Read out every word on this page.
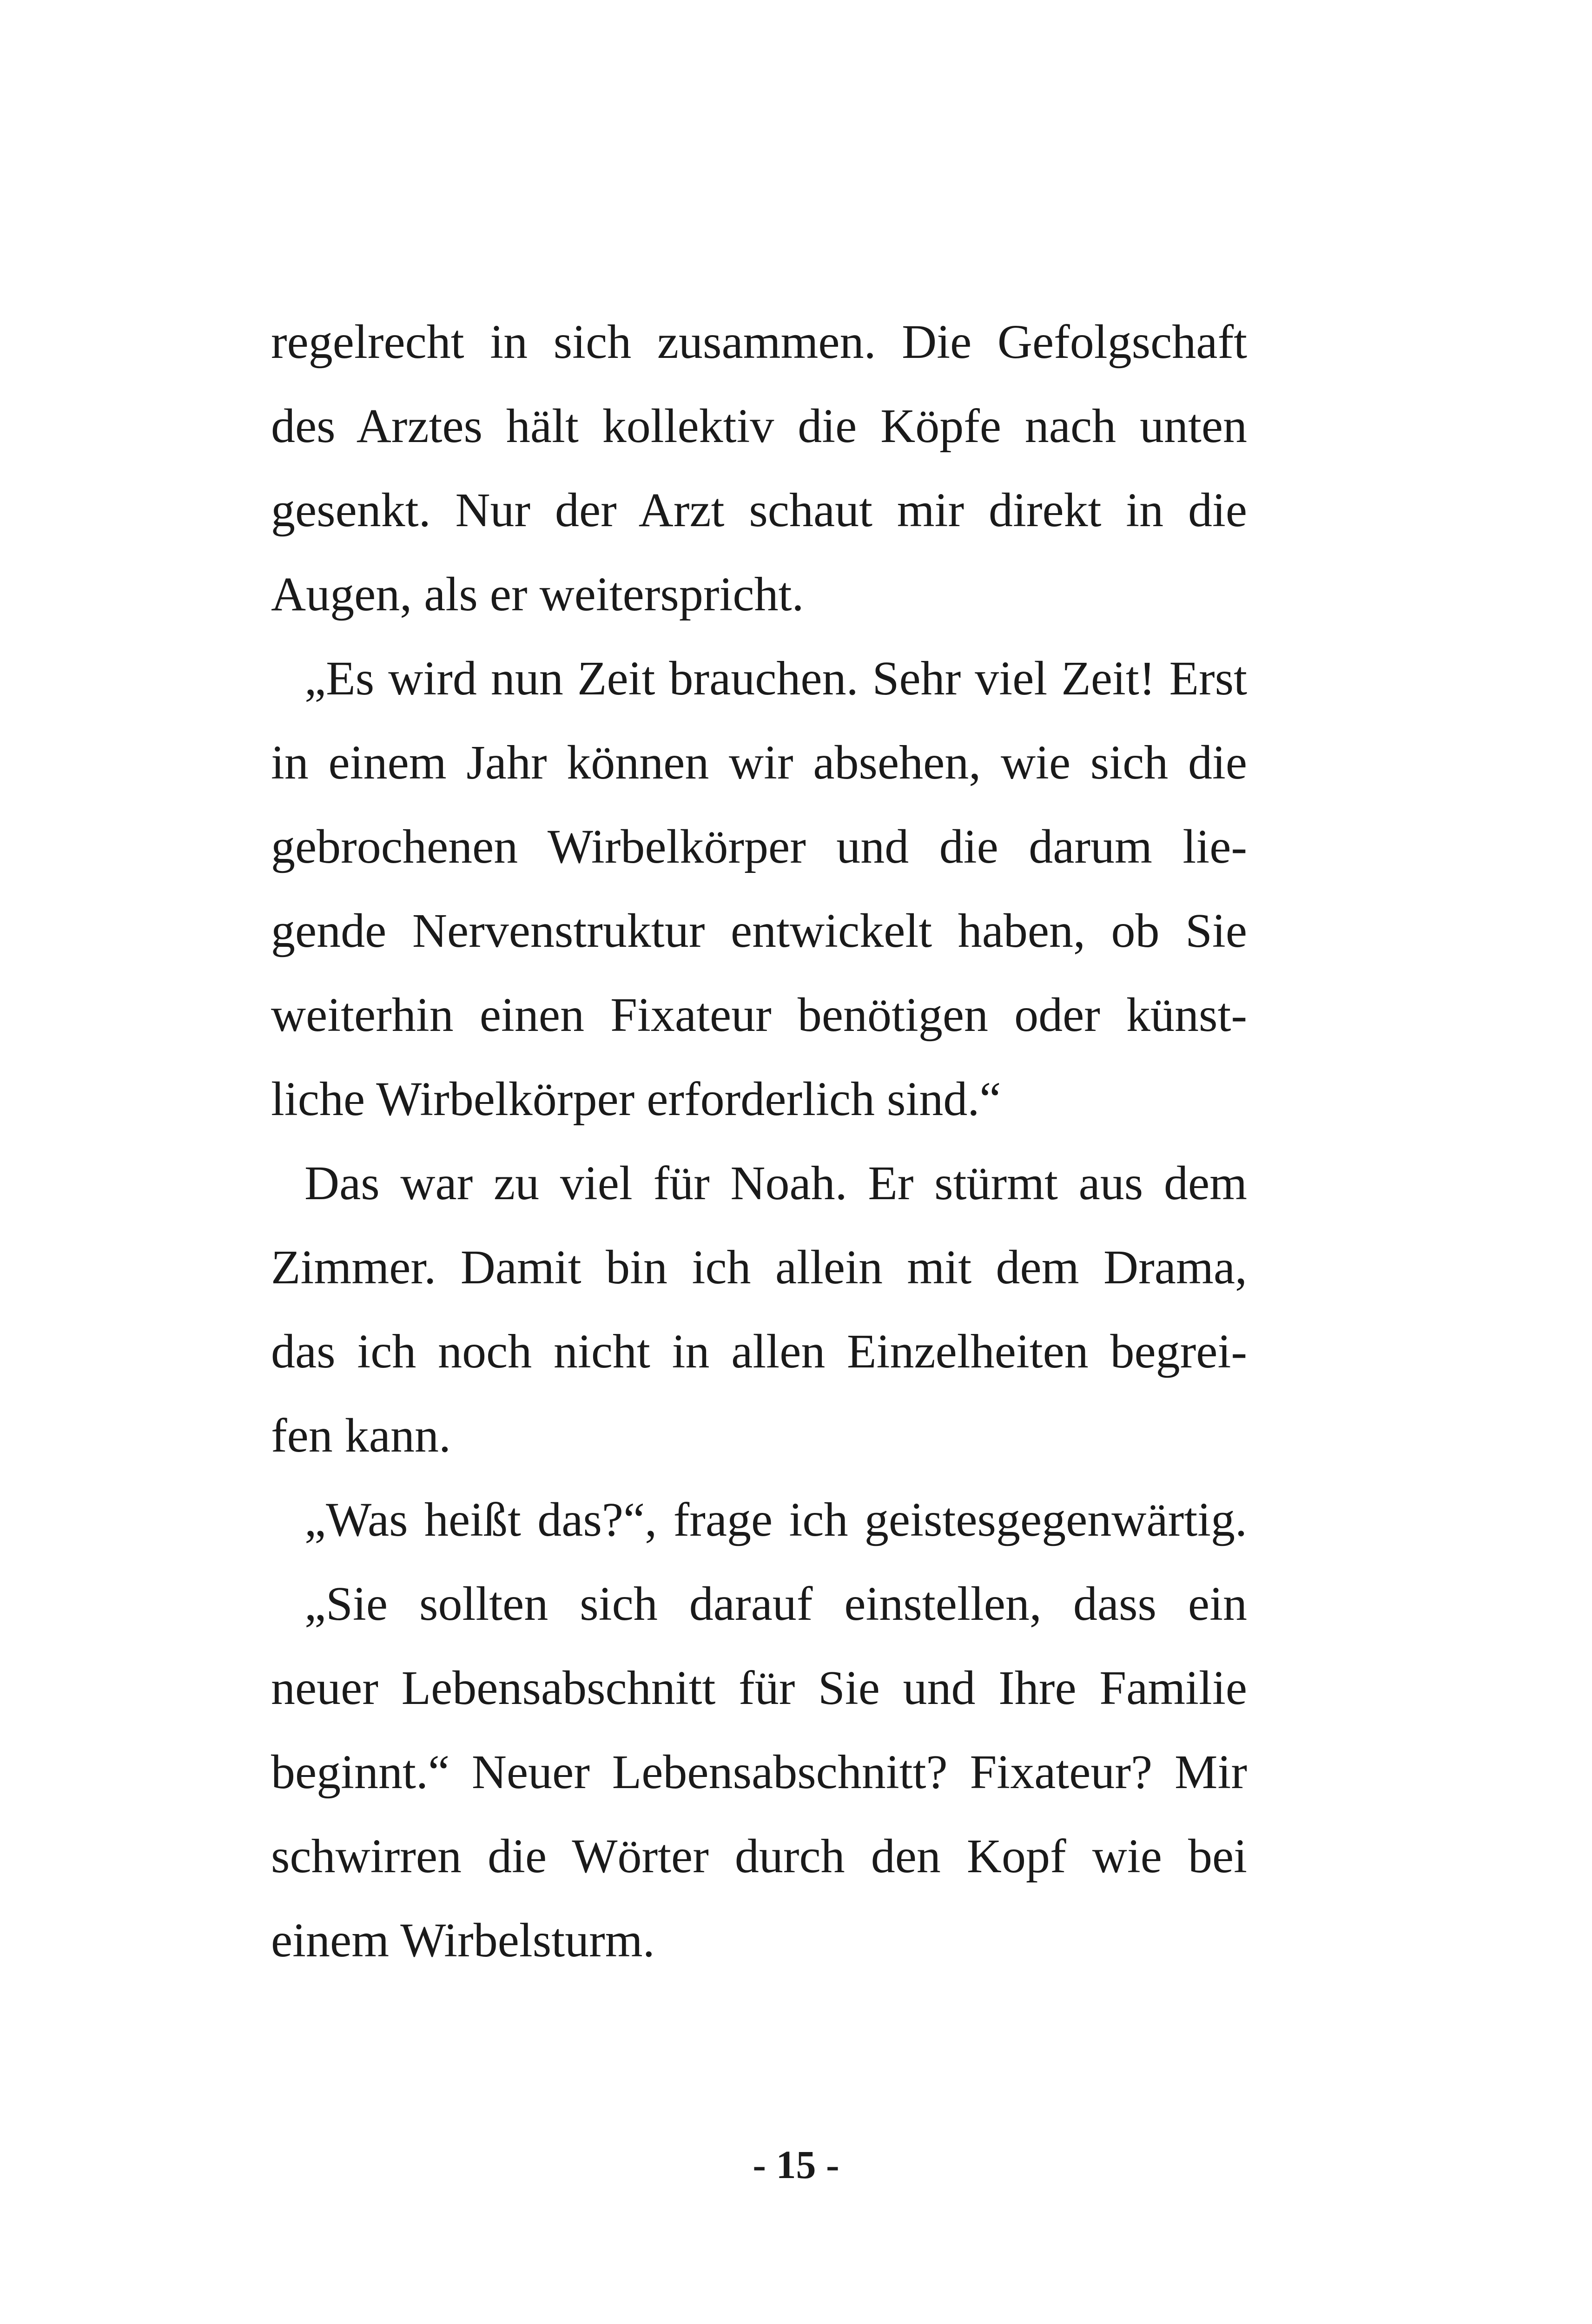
regelrecht in sich zusammen. Die Gefolgschaft
des Arztes hält kollektiv die Köpfe nach unten
gesenkt. Nur der Arzt schaut mir direkt in die
Augen, als er weiterspricht.
„Es wird nun Zeit brauchen. Sehr viel Zeit! Erst
in einem Jahr können wir absehen, wie sich die
gebrochenen Wirbelkörper und die darum lie-
gende Nervenstruktur entwickelt haben, ob Sie
weiterhin einen Fixateur benötigen oder künst-
liche Wirbelkörper erforderlich sind.“
Das war zu viel für Noah. Er stürmt aus dem
Zimmer. Damit bin ich allein mit dem Drama,
das ich noch nicht in allen Einzelheiten begrei-
fen kann.
„Was heißt das?“, frage ich geistesgegenwärtig.
„Sie sollten sich darauf einstellen, dass ein
neuer Lebensabschnitt für Sie und Ihre Familie
beginnt.“ Neuer Lebensabschnitt? Fixateur? Mir
schwirren die Wörter durch den Kopf wie bei
einem Wirbelsturm.
- 15 -
